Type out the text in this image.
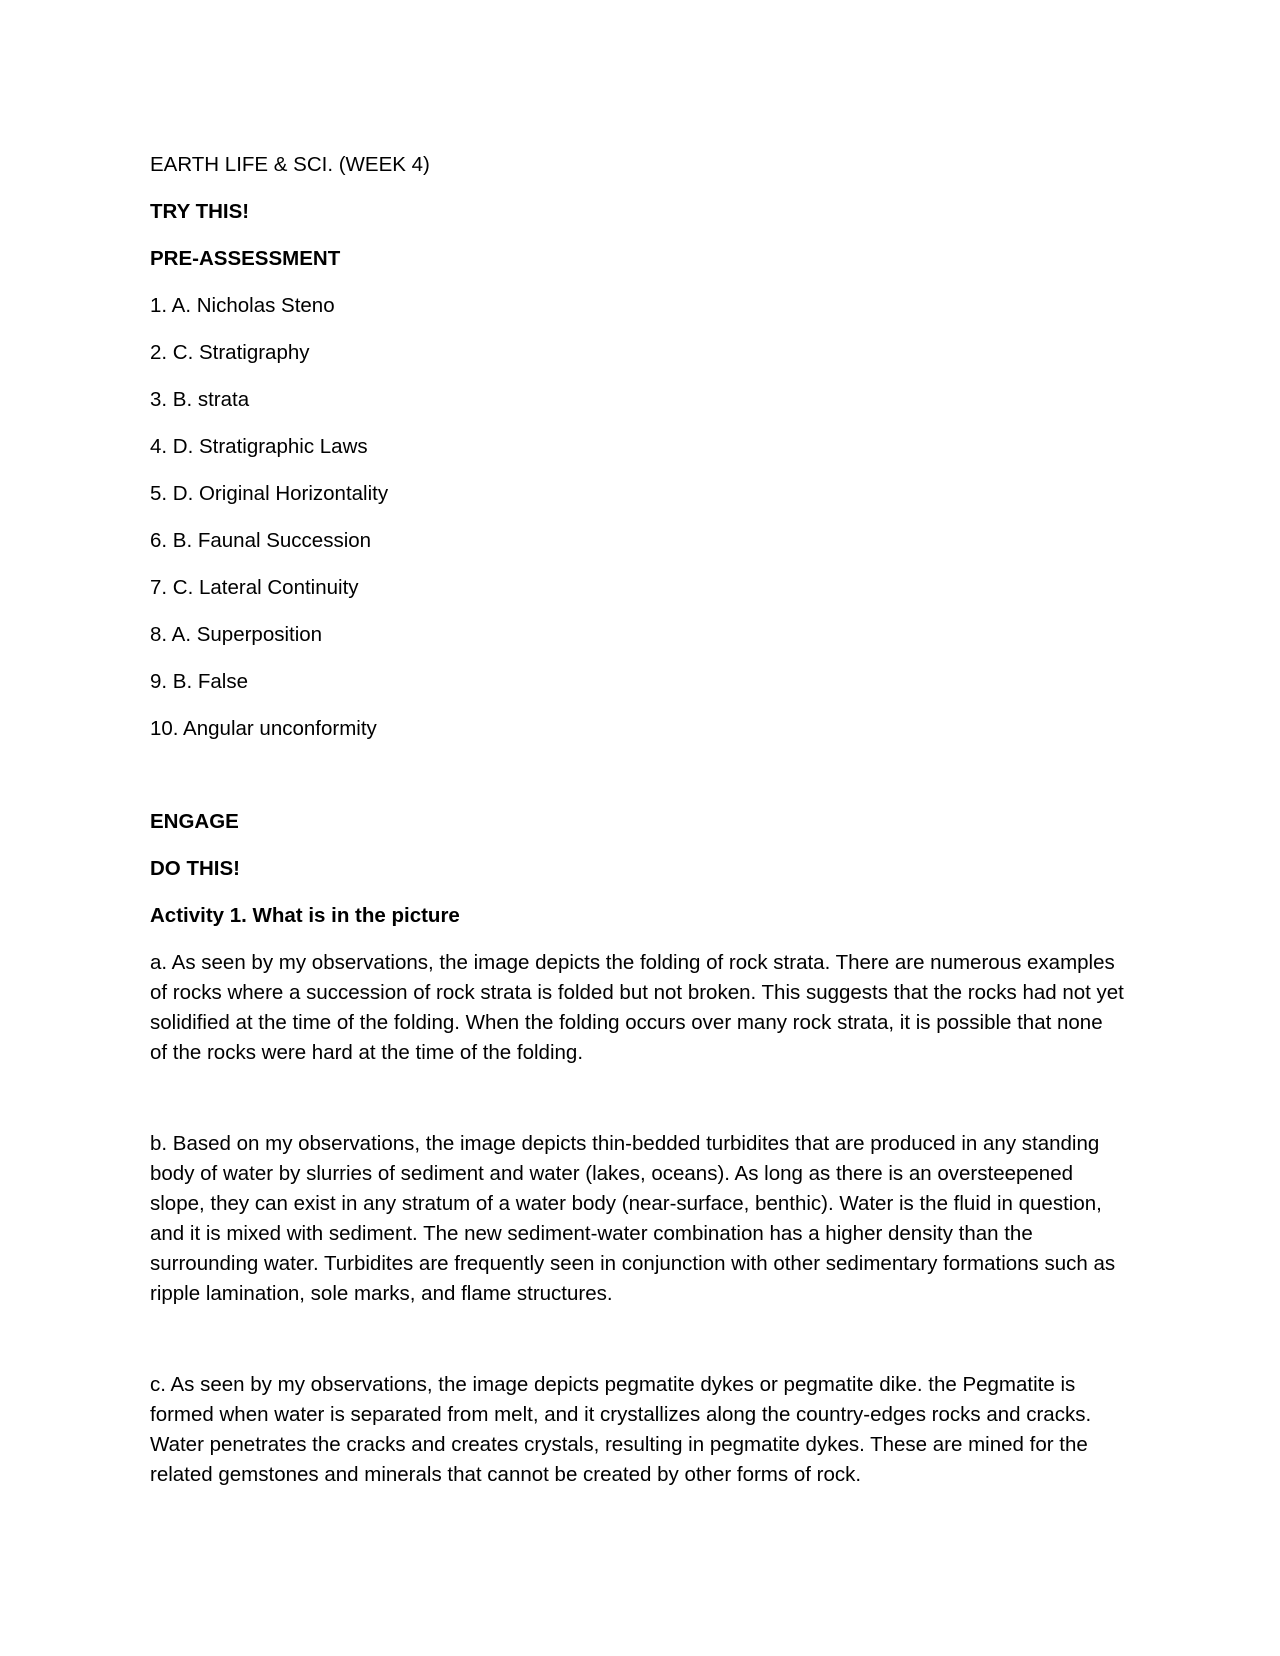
EARTH LIFE & SCI. (WEEK 4)
TRY THIS!
PRE-ASSESSMENT
1. A. Nicholas Steno
2. C. Stratigraphy
3. B. strata
4. D. Stratigraphic Laws
5. D. Original Horizontality
6. B. Faunal Succession
7. C. Lateral Continuity
8. A. Superposition
9. B. False
10. Angular unconformity
ENGAGE
DO THIS!
Activity 1. What is in the picture

a. As seen by my observations, the image depicts the folding of rock strata. There are numerous examples of rocks where a succession of rock strata is folded but not broken. This suggests that the rocks had not yet solidified at the time of the folding. When the folding occurs over many rock strata, it is possible that none of the rocks were hard at the time of the folding.

b. Based on my observations, the image depicts thin-bedded turbidites that are produced in any standing body of water by slurries of sediment and water (lakes, oceans). As long as there is an oversteepened slope, they can exist in any stratum of a water body (near-surface, benthic). Water is the fluid in question, and it is mixed with sediment. The new sediment-water combination has a higher density than the surrounding water. Turbidites are frequently seen in conjunction with other sedimentary formations such as ripple lamination, sole marks, and flame structures.

c. As seen by my observations, the image depicts pegmatite dykes or pegmatite dike. the Pegmatite is formed when water is separated from melt, and it crystallizes along the country-edges rocks and cracks. Water penetrates the cracks and creates crystals, resulting in pegmatite dykes. These are mined for the related gemstones and minerals that cannot be created by other forms of rock.
